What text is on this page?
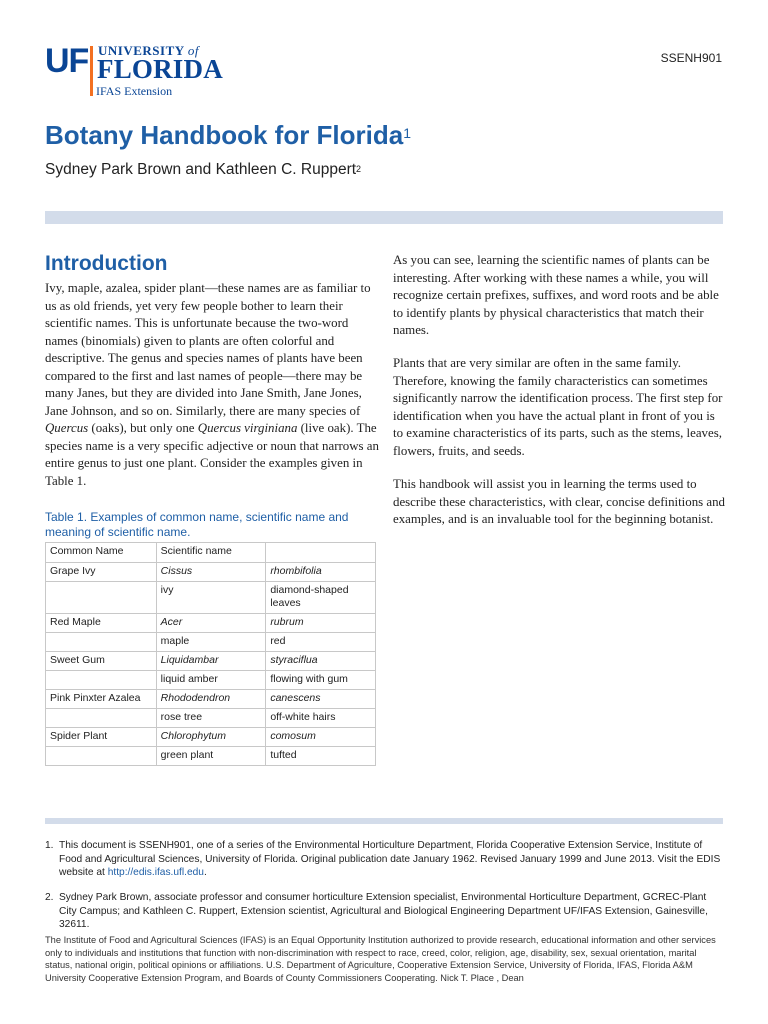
UF UNIVERSITY of
FLORIDA
IFAS Extension
SSENH901
Botany Handbook for Florida$^1$
Sydney Park Brown and Kathleen C. Ruppert$^2$
Introduction
Ivy, maple, azalea, spider plant—these names are as familiar to us as old friends, yet very few people bother to learn their scientific names. This is unfortunate because the two-word names (binomials) given to plants are often colorful and descriptive. The genus and species names of plants have been compared to the first and last names of people—there may be many Janes, but they are divided into Jane Smith, Jane Jones, Jane Johnson, and so on. Similarly, there are many species of Quercus (oaks), but only one Quercus virginiana (live oak). The species name is a very specific adjective or noun that narrows an entire genus to just one plant. Consider the examples given in Table 1.
Table 1. Examples of common name, scientific name and meaning of scientific name.
Common Name	Scientific name	
Grape Ivy	Cissus	rhombifolia
	ivy	diamond-shaped leaves
Red Maple	Acer	rubrum
	maple	red
Sweet Gum	Liquidambar	styraciflua
	liquid amber	flowing with gum
Pink Pinxter Azalea	Rhododendron	canescens
	rose tree	off-white hairs
Spider Plant	Chlorophytum	comosum
	green plant	tufted
As you can see, learning the scientific names of plants can be interesting. After working with these names a while, you will recognize certain prefixes, suffixes, and word roots and be able to identify plants by physical characteristics that match their names.
Plants that are very similar are often in the same family. Therefore, knowing the family characteristics can sometimes significantly narrow the identification process. The first step for identification when you have the actual plant in front of you is to examine characteristics of its parts, such as the stems, leaves, flowers, fruits, and seeds.
This handbook will assist you in learning the terms used to describe these characteristics, with clear, concise definitions and examples, and is an invaluable tool for the beginning botanist.
1. This document is SSENH901, one of a series of the Environmental Horticulture Department, Florida Cooperative Extension Service, Institute of Food and Agricultural Sciences, University of Florida. Original publication date January 1962. Revised January 1999 and June 2013. Visit the EDIS website at http://edis.ifas.ufl.edu.
2. Sydney Park Brown, associate professor and consumer horticulture Extension specialist, Environmental Horticulture Department, GCREC-Plant City Campus; and Kathleen C. Ruppert, Extension scientist, Agricultural and Biological Engineering Department UF/IFAS Extension, Gainesville, 32611.
The Institute of Food and Agricultural Sciences (IFAS) is an Equal Opportunity Institution authorized to provide research, educational information and other services only to individuals and institutions that function with non-discrimination with respect to race, creed, color, religion, age, disability, sex, sexual orientation, marital status, national origin, political opinions or affiliations. U.S. Department of Agriculture, Cooperative Extension Service, University of Florida, IFAS, Florida A&M University Cooperative Extension Program, and Boards of County Commissioners Cooperating. Nick T. Place , Dean
